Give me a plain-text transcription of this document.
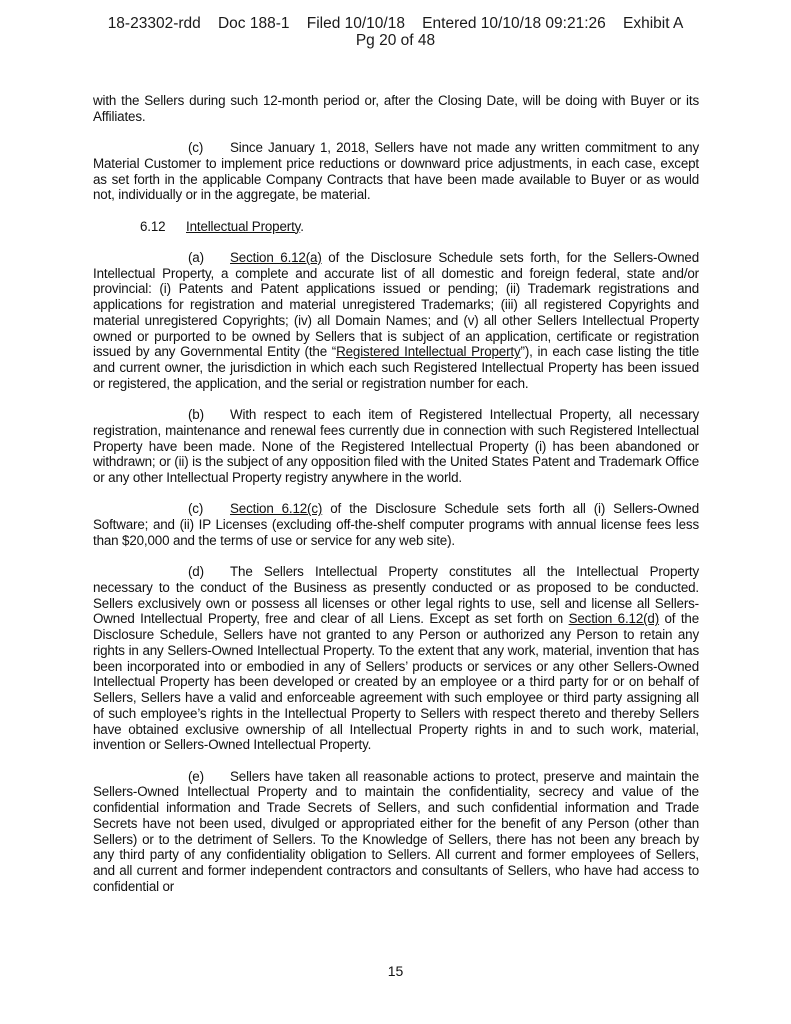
18-23302-rdd    Doc 188-1    Filed 10/10/18    Entered 10/10/18 09:21:26    Exhibit A
Pg 20 of 48

with the Sellers during such 12-month period or, after the Closing Date, will be doing with Buyer or its Affiliates.

(c) Since January 1, 2018, Sellers have not made any written commitment to any Material Customer to implement price reductions or downward price adjustments, in each case, except as set forth in the applicable Company Contracts that have been made available to Buyer or as would not, individually or in the aggregate, be material.

6.12 Intellectual Property.

(a) Section 6.12(a) of the Disclosure Schedule sets forth, for the Sellers-Owned Intellectual Property, a complete and accurate list of all domestic and foreign federal, state and/or provincial: (i) Patents and Patent applications issued or pending; (ii) Trademark registrations and applications for registration and material unregistered Trademarks; (iii) all registered Copyrights and material unregistered Copyrights; (iv) all Domain Names; and (v) all other Sellers Intellectual Property owned or purported to be owned by Sellers that is subject of an application, certificate or registration issued by any Governmental Entity (the “Registered Intellectual Property”), in each case listing the title and current owner, the jurisdiction in which each such Registered Intellectual Property has been issued or registered, the application, and the serial or registration number for each.

(b) With respect to each item of Registered Intellectual Property, all necessary registration, maintenance and renewal fees currently due in connection with such Registered Intellectual Property have been made. None of the Registered Intellectual Property (i) has been abandoned or withdrawn; or (ii) is the subject of any opposition filed with the United States Patent and Trademark Office or any other Intellectual Property registry anywhere in the world.

(c) Section 6.12(c) of the Disclosure Schedule sets forth all (i) Sellers-Owned Software; and (ii) IP Licenses (excluding off-the-shelf computer programs with annual license fees less than $20,000 and the terms of use or service for any web site).

(d) The Sellers Intellectual Property constitutes all the Intellectual Property necessary to the conduct of the Business as presently conducted or as proposed to be conducted. Sellers exclusively own or possess all licenses or other legal rights to use, sell and license all Sellers-Owned Intellectual Property, free and clear of all Liens. Except as set forth on Section 6.12(d) of the Disclosure Schedule, Sellers have not granted to any Person or authorized any Person to retain any rights in any Sellers-Owned Intellectual Property. To the extent that any work, material, invention that has been incorporated into or embodied in any of Sellers’ products or services or any other Sellers-Owned Intellectual Property has been developed or created by an employee or a third party for or on behalf of Sellers, Sellers have a valid and enforceable agreement with such employee or third party assigning all of such employee’s rights in the Intellectual Property to Sellers with respect thereto and thereby Sellers have obtained exclusive ownership of all Intellectual Property rights in and to such work, material, invention or Sellers-Owned Intellectual Property.

(e) Sellers have taken all reasonable actions to protect, preserve and maintain the Sellers-Owned Intellectual Property and to maintain the confidentiality, secrecy and value of the confidential information and Trade Secrets of Sellers, and such confidential information and Trade Secrets have not been used, divulged or appropriated either for the benefit of any Person (other than Sellers) or to the detriment of Sellers. To the Knowledge of Sellers, there has not been any breach by any third party of any confidentiality obligation to Sellers. All current and former employees of Sellers, and all current and former independent contractors and consultants of Sellers, who have had access to confidential or

15
